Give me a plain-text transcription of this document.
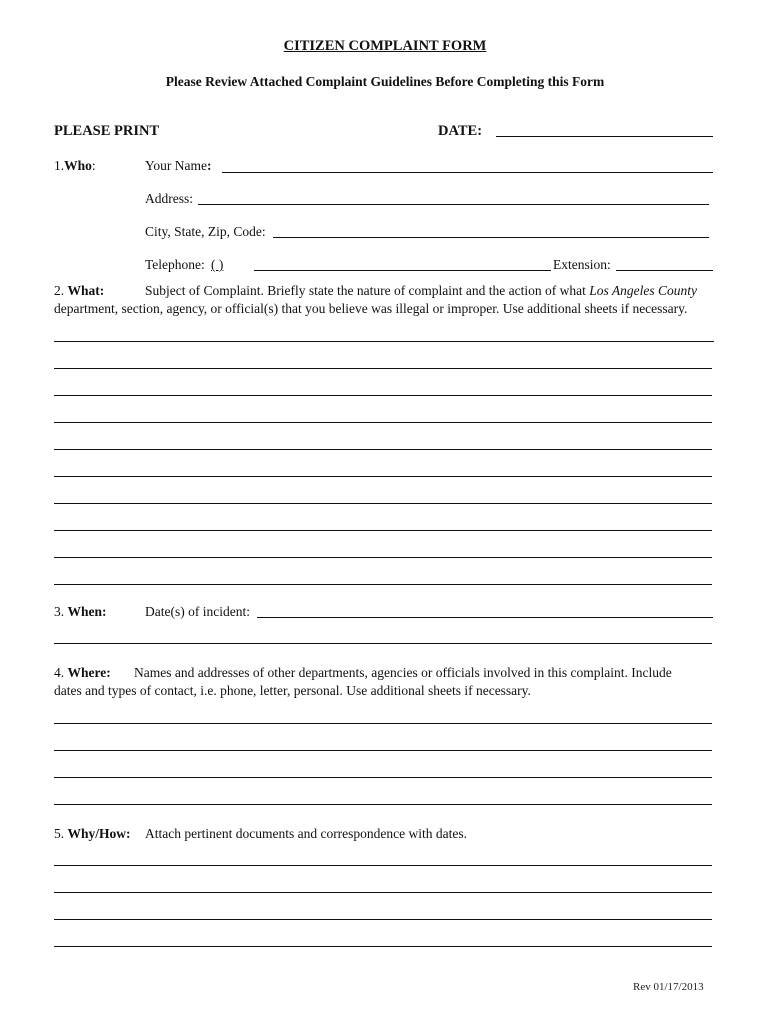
CITIZEN COMPLAINT FORM
Please Review Attached Complaint Guidelines Before Completing this Form
PLEASE PRINT	DATE:
1.Who:	Your Name:
Address:
City, State, Zip, Code:
Telephone: ( )	Extension:
2. What:	Subject of Complaint. Briefly state the nature of complaint and the action of what Los Angeles County
department, section, agency, or official(s) that you believe was illegal or improper. Use additional sheets if necessary.
3. When:	Date(s) of incident:
4. Where: Names and addresses of other departments, agencies or officials involved in this complaint. Include
dates and types of contact, i.e. phone, letter, personal. Use additional sheets if necessary.
5. Why/How: Attach pertinent documents and correspondence with dates.
Rev 01/17/2013
